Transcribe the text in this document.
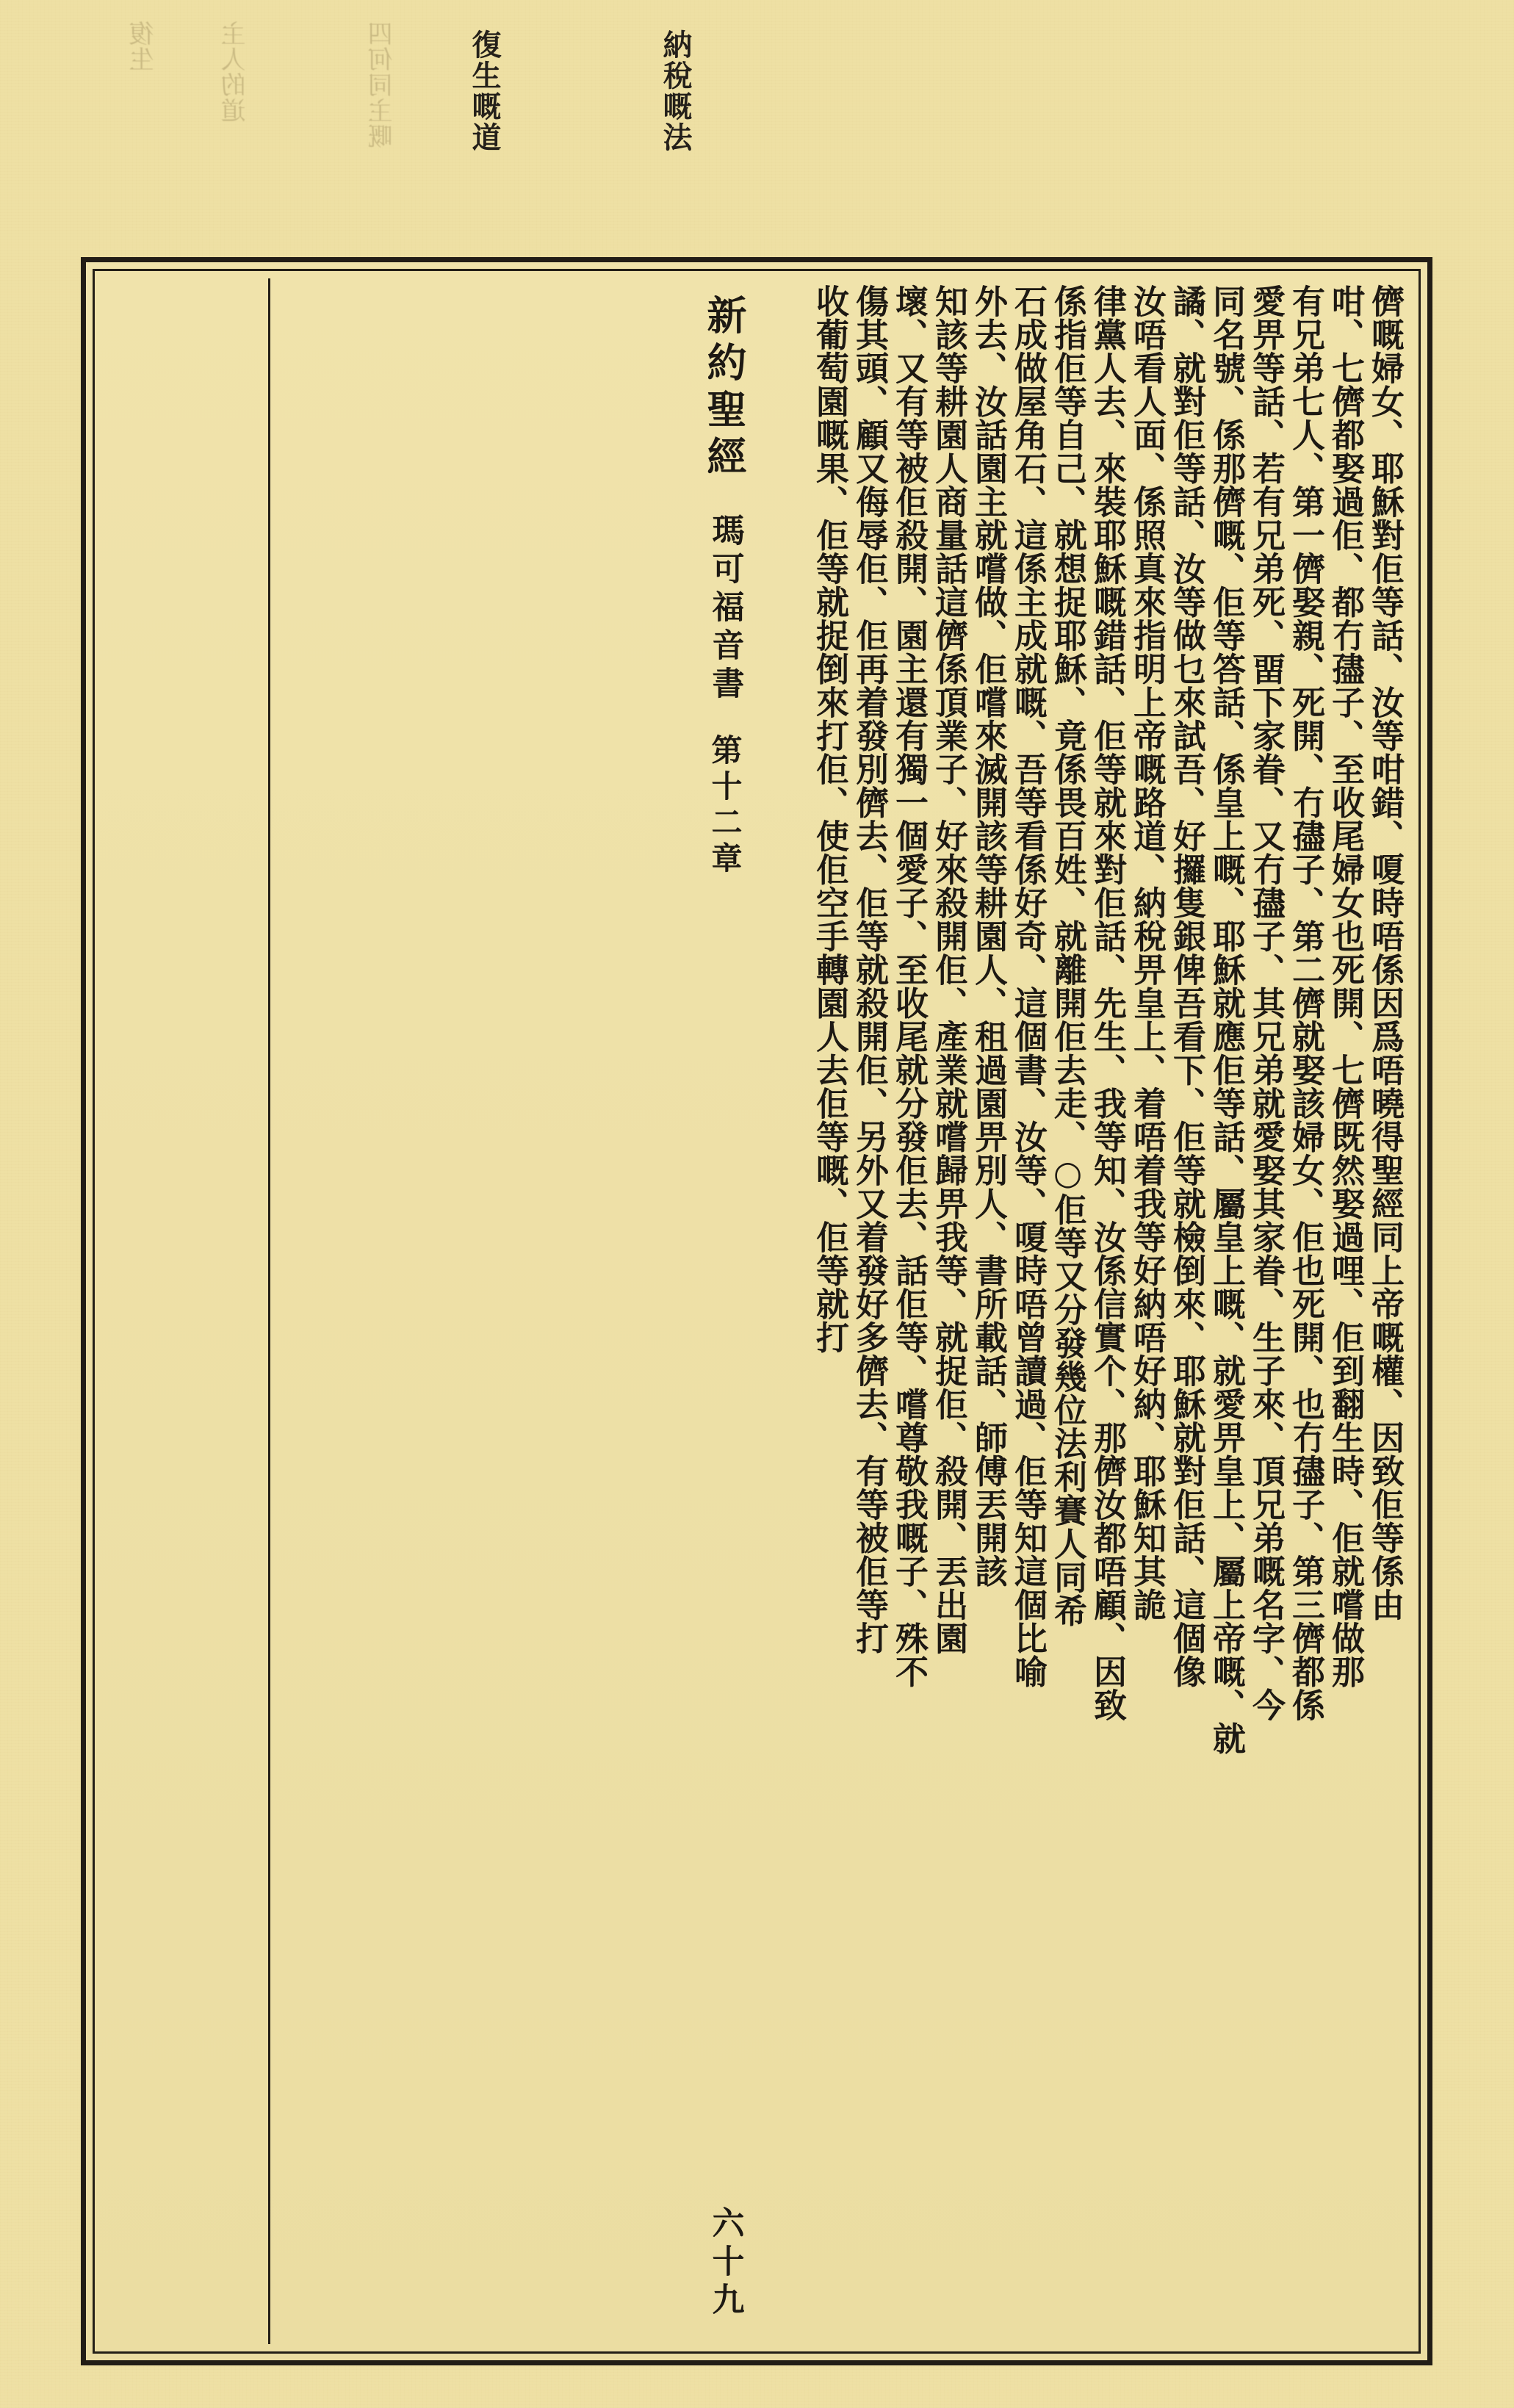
四何同主嘅
主人的道
復生	復生嘅道	納稅嘅法
收葡萄園嘅果、佢等就捉倒來打佢、使佢空手轉園人去佢等嘅、佢等就打 傷其頭、顧又侮辱佢、佢再着發別儕去、佢等就殺開佢、另外又着發好多儕去、有等被佢等打 壞、又有等被佢殺開、園主還有獨一個愛子、至收尾就分發佢去、話佢等、嚐尊敬我嘅子、殊不 知該等耕園人商量話這儕係頂業子、好來殺開佢、產業就嚐歸畀我等、就捉佢、殺開、丟出園 外去、汝話園主就嚐做、佢嚐來滅開該等耕園人、租過園畀別人、書所載話、師傅丟開該 石成做屋角石、這係主成就嘅、吾等看係好奇、這個書、汝等、嗄時唔曾讀過、佢等知這個比喻 係指佢等自己、就想捉耶穌、竟係畏百姓、就離開佢去走、○佢等又分發幾位法利賽人同希 律黨人去、來裝耶穌嘅錯話、佢等就來對佢話、先生、我等知、汝係信實个、那儕汝都唔顧、因致 汝唔看人面、係照真來指明上帝嘅路道、納稅畀皇上、着唔着我等好納唔好納、耶穌知其詭 譎、就對佢等話、汝等做乜來試吾、好攞隻銀俾吾看下、佢等就檢倒來、耶穌就對佢話、這個像 同名號、係那儕嘅、佢等答話、係皇上嘅、耶穌就應佢等話、屬皇上嘅、就愛畀皇上、屬上帝嘅、就 愛畀等話、若有兄弟死、畱下家眷、又冇孻子、其兄弟就愛娶其家眷、生子來、頂兄弟嘅名字、今 有兄弟七人、第一儕娶親、死開、冇孻子、第二儕就娶該婦女、佢也死開、也冇孻子、第三儕都係 咁、七儕都娶過佢、都冇孻子、至收尾婦女也死開、七儕既然娶過哩、佢到翻生時、佢就嚐做那 儕嘅婦女、耶穌對佢等話、汝等咁錯、嗄時唔係因爲唔曉得聖經同上帝嘅權、因致佢等係由
新約聖經
瑪可福音書
第十二章
六十九
